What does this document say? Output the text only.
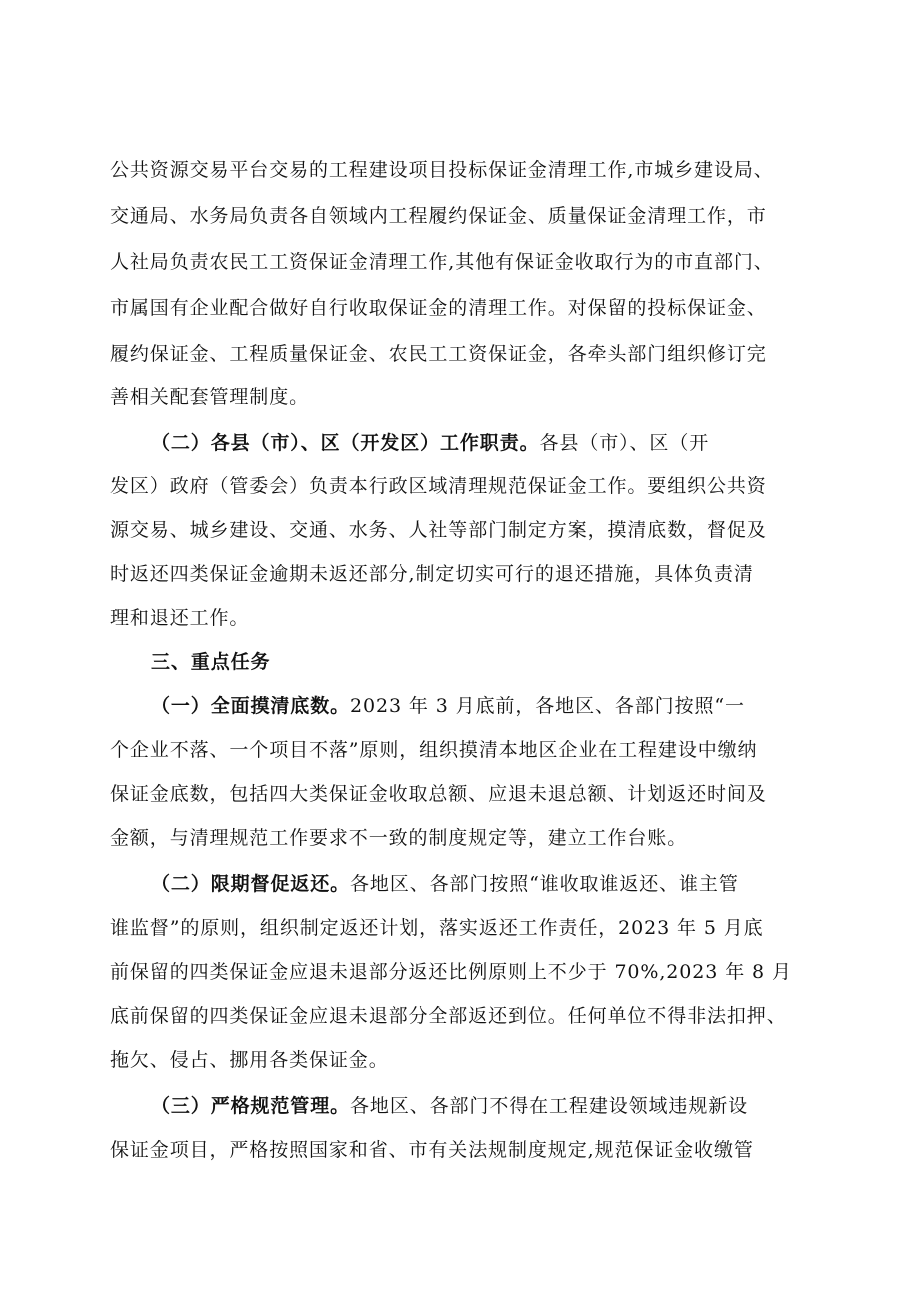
公共资源交易平台交易的工程建设项目投标保证金清理工作,市城乡建设局、
交通局、水务局负责各自领域内工程履约保证金、质量保证金清理工作，市
人社局负责农民工工资保证金清理工作,其他有保证金收取行为的市直部门、
市属国有企业配合做好自行收取保证金的清理工作。对保留的投标保证金、
履约保证金、工程质量保证金、农民工工资保证金，各牵头部门组织修订完
善相关配套管理制度。
（二）各县（市）、区（开发区）工作职责。各县（市）、区（开
发区）政府（管委会）负责本行政区域清理规范保证金工作。要组织公共资
源交易、城乡建设、交通、水务、人社等部门制定方案，摸清底数，督促及
时返还四类保证金逾期未返还部分,制定切实可行的退还措施，具体负责清
理和退还工作。
三、重点任务
（一）全面摸清底数。2023 年 3 月底前，各地区、各部门按照“一
个企业不落、一个项目不落”原则，组织摸清本地区企业在工程建设中缴纳
保证金底数，包括四大类保证金收取总额、应退未退总额、计划返还时间及
金额，与清理规范工作要求不一致的制度规定等，建立工作台账。
（二）限期督促返还。各地区、各部门按照“谁收取谁返还、谁主管
谁监督”的原则，组织制定返还计划，落实返还工作责任，2023 年 5 月底
前保留的四类保证金应退未退部分返还比例原则上不少于 70%,2023 年 8 月
底前保留的四类保证金应退未退部分全部返还到位。任何单位不得非法扣押、
拖欠、侵占、挪用各类保证金。
（三）严格规范管理。各地区、各部门不得在工程建设领域违规新设
保证金项目，严格按照国家和省、市有关法规制度规定,规范保证金收缴管
